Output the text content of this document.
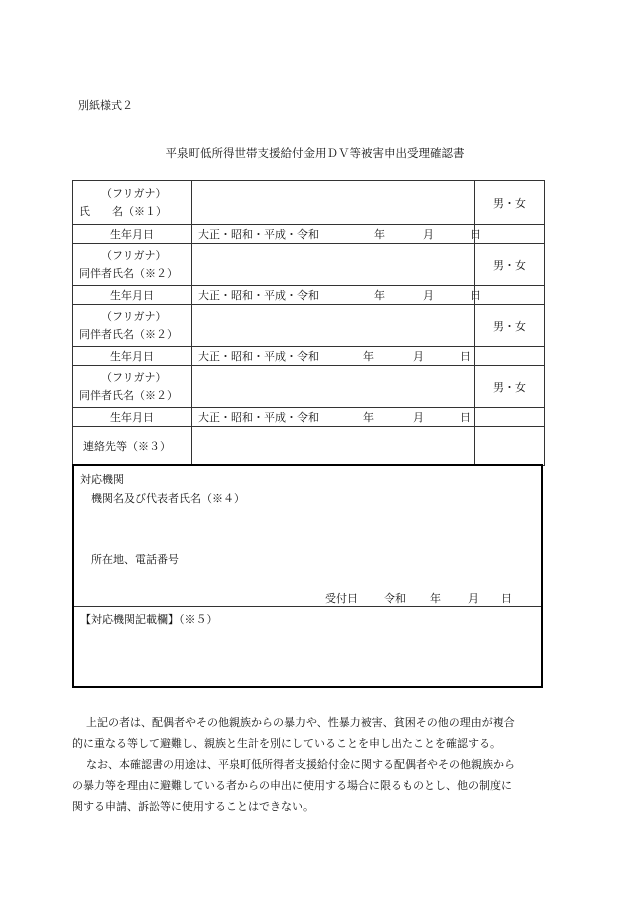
別紙様式２
平泉町低所得世帯支援給付金用ＤＶ等被害申出受理確認書
（フリガナ）
氏　　名（※１）		男・女
生年月日	大正・昭和・平成・令和 年 月 日	

（フリガナ）
同伴者氏名（※２）		男・女
生年月日	大正・昭和・平成・令和 年 月 日	

（フリガナ）
同伴者氏名（※２）		男・女
生年月日	大正・昭和・平成・令和 年 月 日	

（フリガナ）
同伴者氏名（※２）		男・女
生年月日	大正・昭和・平成・令和 年 月 日	

連絡先等（※３）		
対応機関
機関名及び代表者氏名（※４）
所在地、電話番号
受付日 令和 年 月 日
【対応機関記載欄】（※５）
上記の者は、配偶者やその他親族からの暴力や、性暴力被害、貧困その他の理由が複合
的に重なる等して避難し、親族と生計を別にしていることを申し出たことを確認する。
なお、本確認書の用途は、平泉町低所得者支援給付金に関する配偶者やその他親族から
の暴力等を理由に避難している者からの申出に使用する場合に限るものとし、他の制度に
関する申請、訴訟等に使用することはできない。
